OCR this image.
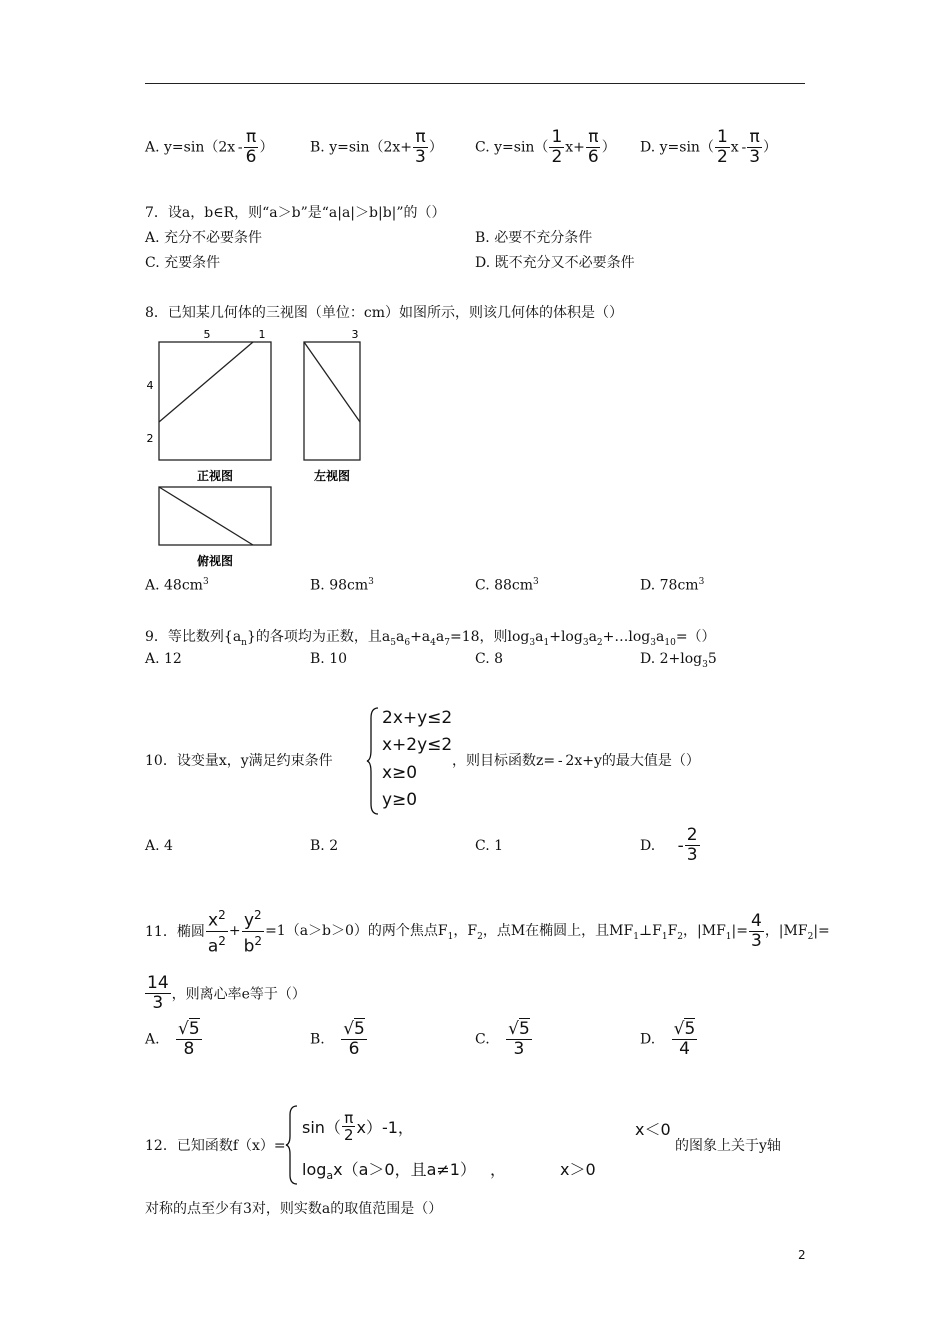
A. $y=\sin(2x - \frac{\pi}{6}$ ）	B. $y=\sin(2x+ \frac{\pi}{3}$ ） C. $y=\sin( \frac{1}{2} x+ \frac{\pi}{6}$ ） D. $y=\sin( \frac{1}{2}$ x - $\frac{\pi}{3}$ ）
7．设a，b∈R，则“a＞b”是“a|a|＞b|b|”的（）
A. 充分不必要条件	B. 必要不充分条件
C. 充要条件	D. 既不充分又不必要条件
8．已知某几何体的三视图（单位：cm）如图所示，则该几何体的体积是（）
5	1
4
2
正视图
3
左视图
俯视图
A. $48cm^3$	B. $98cm^3$	C. $88cm^3$	D. $78cm^3$
9．等比数列$\{a_n\}$的各项均为正数，且$a_5a_6+a_4a_7=18$，则$\log_3a_1+\log_3a_2+\dots\log_3a_{10}=()$
A. 12	B. 10	C. 8	D. $2+\log_35$
10．设变量x，y满足约束条件
2x+y≤2
x+2y≤2
x≥0
y≥0
，则目标函数z= - 2x+y的最大值是（）
A. 4	B. 2	C. 1	D. - $\frac{2}{3}$
11．椭圆 $\frac{x^2}{a^2} + \frac{y^2}{b^2} =1(a>b>0)$的两个焦点$F_1$，$F_2$，点M在椭圆上，且$MF_1\perp F_1F_2$，$|MF_1|= \frac{4}{3}$ ，$|MF_2|=$
$\frac{14}{3}$ ，则离心率e等于（）
A. $\frac{√5}{8}$	B. $\frac{√5}{6}$	C. $\frac{√5}{3}$	D. $\frac{√5}{4}$
12．已知函数f（x）=
$\sin( \frac{\pi}{2} x)-1$，	x＜0
$\log_ax(a>0$，且a≠1） ，	x＞0
的图象上关于y轴
对称的点至少有3对，则实数a的取值范围是（）
2
